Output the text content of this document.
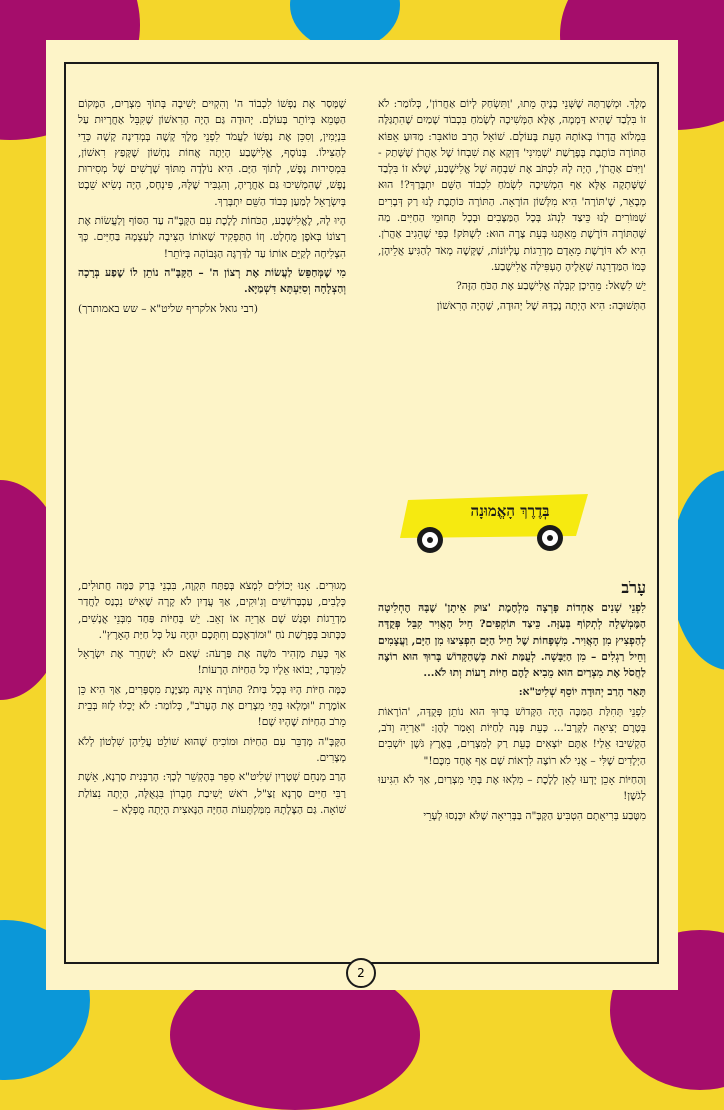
מֶלֶךְ. וּמְשָׁרַתָּהּ שֶׁשְּׁנֵי בָנֶיהָ מֵתוּ, 'וַתִּשְׂחַק לְיוֹם אַחֲרוֹן', כְּלוֹמַר: לֹא זוֹ בִּלְבַד שֶׁהִיא דַּמְמָה, אֶלָּא הַמְּשִׁיכָה לְשָׂמֹחַ בִּכְבוֹד שָׁמַיִם שֶׁהִתְגַּלָּה בִּמְלוֹא הֲדָרוֹ בְּאוֹתָהּ הָעֵת בָּעוֹלָם. שׁוֹאֵל הָרַב טוֹאבִּר: מַדּוּעַ אֵפוֹא הַתּוֹרָה כּוֹתֶבֶת בְּפָרָשַׁת 'שְׁמִינִי' דַּוְקָא אֶת שִׁבְחוֹ שֶׁל אַהֲרֹן שֶׁשָּׁתַק - 'וַיִּדֹּם אַהֲרֹן', הָיָה לָהּ לִכְתֹּב אֶת שִׁבְחָהּ שֶׁל אֱלִישֶׁבַע, שֶׁלֹּא זוֹ בִּלְבַד שֶׁשָּׁתְקָה אֶלָּא אַף הִמְשִׁיכָה לִשְׂמֹחַ לִכְבוֹד הַשֵּׁם יִתְבָּרַךְ?! הוּא מְבָאֵר, שֶׁ'תּוֹרָה' הִיא מִלְּשׁוֹן הוֹרָאָה. הַתּוֹרָה כּוֹתֶבֶת לָנוּ רַק דְּבָרִים שֶׁמּוֹרִים לָנוּ כֵּיצַד לִנְהֹג בְּכָל הַמַּצָּבִים וּבְכָל תְּחוּמֵי הַחַיִּים. מַה שֶּׁהַתּוֹרָה דּוֹרֶשֶׁת מֵאִתָּנוּ בְּעֵת צָרָה הוּא: לִשְׁתֹּק! כְּפִי שֶׁהֵגִיב אַהֲרֹן. הִיא לֹא דּוֹרֶשֶׁת מֵאָדָם מַדְרֵגוֹת עֶלְיוֹנוֹת, שֶׁקָּשֶׁה מְאֹד לְהַגִּיעַ אֲלֵיהֶן, כְּמוֹ הַמַּדְרֵגָה שֶׁאֵלֶיהָ הֶעְפִּילָה אֱלִישֶׁבַע.

יֵשׁ לִשְׁאֹל: מֵהֵיכָן קִבְּלָה אֱלִישֶׁבַע אֶת הַכֹּחַ הַזֶּה?

הַתְּשׁוּבָה: הִיא הָיְתָה נֶכְדָּהּ שֶׁל יְהוּדָה, שֶׁהָיָה הָרִאשׁוֹן

שֶׁמָּסַר אֶת נַפְשׁוֹ לִכְבוֹד ה' וְהִקְיִים יְשִׁיבָה בְּתוֹךְ מִצְרַיִם, הַמָּקוֹם הַטָּמֵא בְּיוֹתֵר בָּעוֹלָם. יְהוּדָה גַּם הָיָה הָרִאשׁוֹן שֶׁקִּבֵּל אַחֲרָיוּת עַל בִּנְיָמִין, וְסִכֵּן אֶת נַפְשׁוֹ לַעֲמֹד לִפְנֵי מֶלֶךְ קָשֶׁה בְּמְדִינָה קָשָׁה כְּדֵי לְהַצִּילוֹ. בְּנוֹסָף, אֱלִישֶׁבַע הָיְתָה אֲחוֹת נַחְשׁוֹן שֶׁקָּפַץ רִאשׁוֹן, בִּמְסִירוּת נֶפֶשׁ, לְתוֹךְ הַיָּם. הִיא נוֹלְדָה מִתּוֹךְ שָׁרָשִׁים שֶׁל מְסִירוּת נֶפֶשׁ, שֶׁהִמְשִׁיכוּ גַּם אַחֲרֶיהָ, וְהִגְבִּיר שֶׁלָּהּ, פִּינְחָס, הָיָה נְשִׂיא שֵׁבֶט בְּיִשְׂרָאֵל לְמַעַן כְּבוֹד הַשֵּׁם יִתְבָּרַךְ.

הָיוּ לָהּ, לֶאֱלִישֶׁבַע, הַכֹּחוֹת לָלֶכֶת עִם הַקָּבָּ"ה עַד הַסּוֹף וְלַעֲשׂוֹת אֶת רְצוֹנוֹ בְּאֹפֶן מֻחְלָט. וְזוֹ הַתַּפְקִיד שֶׁאוֹתוֹ הַצִּיבָה לְעַצְמָהּ בַּחַיִּים. כָּךְ הִצְלִיחָה לְקַיֵּם אוֹתוֹ עַד לַדַּרְגָּה הַגְּבוֹהָה בְּיוֹתֵר!

מִי שֶׁמְּחַפֵּשׂ לַעֲשׂוֹת אֶת רְצוֹן ה' – הַקָּבָּ"ה נוֹתֵן לוֹ שֶׁפַע בְּרָכָה וְהַצְלָחָה וְסִיַּעְתָּא דִּשְׁמַיָּא.

(רבי גואל אלקריף שליט"א – שש באמותרך)

בְּדֶרֶךְ הָאֱמוּנָה
עָרֹב

לִפְנֵי שָׁנִים אַחְדוֹת פָּרְצָה מִלְחֶמֶת 'צוּק אֵיתָן' שֶׁבָּהּ הֶחְלִיטָה הַמֶּמְשָׁלָה לְתְקוֹף בְּעַזָּה. כֵּיצַד תּוֹקְפִים? חֵיל הָאֲוִיר קִבֵּל פְּקֻדָּה לְהַפְצִיץ מִן הָאֲוִיר. מִשְׁפָּחוֹת שֶׁל חֵיל הַיָּם הִפְצִיצוּ מִן הַיָּם, וַעֲצָמִים וְחֵיל רַגְלִים – מִן הַיַּבָּשָׁה. לְעֻמַּת זֹאת כְּשֶׁהַקָּדוֹשׁ בָּרוּךְ הוּא רוֹצֶה לַחֲסֹל אֶת מִצְרַיִם הוּא מֵבִיא לָהֶם חַיּוֹת רָעוֹת וְתוּ לֹא...

תָּאַר הָרַב יְהוּדָה יוֹסֵף שְׁלִיט"א:

לִפְנֵי תְּחִלַּת הַמַּכָּה הָיָה הַקָּדוֹשׁ בָּרוּךְ הוּא נוֹתֵן פְּקֻדָּה, 'הוֹרָאוֹת בְּטֶרֶם יְצִיאָה לַקְּרָב'... כָּעֵת פָּנָה לַחַיּוֹת וְאָמַר לָהֶן: "אַרְיֵה וְדֹב, הַקְשִׁיבוּ אֵלַי! אַתֶּם יוֹצְאִים כָּעֵת רַק לְמִצְרַיִם, בְּאֶרֶץ גֹּשֶׁן יוֹשְׁבִים הַיְלָדִים שֶׁלִּי – אֲנִי לֹא רוֹצֶה לִרְאוֹת שָׁם אַף אֶחָד מִכֶּם!"

וְהַחַיּוֹת אָכֵן יָדְעוּ לְאָן לָלֶכֶת – מִלְאוּ אֶת בָּתֵּי מִצְרַיִם, אַךְ לֹא הִגִּיעוּ לְגֹשֶׁן!

מִטֶּבַע בְּרִיאָתָם הִטְבִּיעַ הַקָּבָּ"ה בַּבְּרִיאָה שֶׁלֹּא יִכָּנְסוּ לְעָרֵי

מְגוּרִים. אָנוּ יְכוֹלִים לִמְצֹא בְּפַתַּח תִּקְוָה, בִּבְנֵי בְּרַק כַּמָּה חֲתוּלִים, כְּלָבִים, עַכְבָּרוֹשִׁים וְגִ'וּקִים, אַךְ עֲדַיִן לֹא קָרָה שֶׁאִישׁ נִכְנַס לַחֲדַר מַדְרֵגוֹת וּפָגַשׁ שָׁם אַרְיֵה אוֹ זְאֵב. יֵשׁ בְּחַיּוֹת פַּחַד מִבְּנֵי אֲנָשִׁים, כַּכָּתוּב בְּפָרָשַׁת נֹחַ "וּמוֹרַאֲכֶם וְחִתְּכֶם יִהְיֶה עַל כָּל חַיַּת הָאָרֶץ".

אַךְ כָּעֵת מַזְהִיר מֹשֶׁה אֶת פַּרְעֹה: שֶׁאִם לֹא יְשַׁחְרֵר אֶת יִשְׂרָאֵל לַמִּדְבָּר, יָבוֹאוּ אֵלָיו כָּל הַחַיּוֹת הָרָעוֹת!

כַּמָּה חַיּוֹת הָיוּ בְּכָל בַּיִת? הַתּוֹרָה אֵינָהּ מְצַיֶּנֶת מִסְפָּרִים, אַךְ הִיא כֵּן אוֹמֶרֶת "וּמָלְאוּ בָּתֵּי מִצְרַיִם אֶת הֶעָרֹב", כְּלוֹמַר: לֹא יָכְלוּ לָזוּז בְּבֵית מֵרֹב הַחַיּוֹת שֶׁהָיוּ שָׁם!

הַקָּבָּ"ה מְדַבֵּר עִם הַחַיּוֹת וּמוֹכִיחַ שֶׁהוּא שׁוֹלֵט עֲלֵיהֶן שִׁלְטוֹן לְלֹא מְצָרִים.

הָרַב מְנַחֵם שְׁטֶרְיִן שְׁלִיט"א סִפֵּר בְּהֶקְשֵׁר לְכָךְ: הָרַבָּנִית סַרְנָא, אֵשֶׁת רַבִּי חַיִּים סַרְנָא זַצַ"ל, רֹאשׁ יְשִׁיבַת חֶבְרוֹן בִּגְאֻלָּה, הָיְתָה נִצּוֹלַת שׁוֹאָה. גַּם הַצָּלָתָהּ מִמַּלְתָּעוֹת הַחַיָּה הַנָּאצִית הָיְתָה מֻפְלָא –

2
